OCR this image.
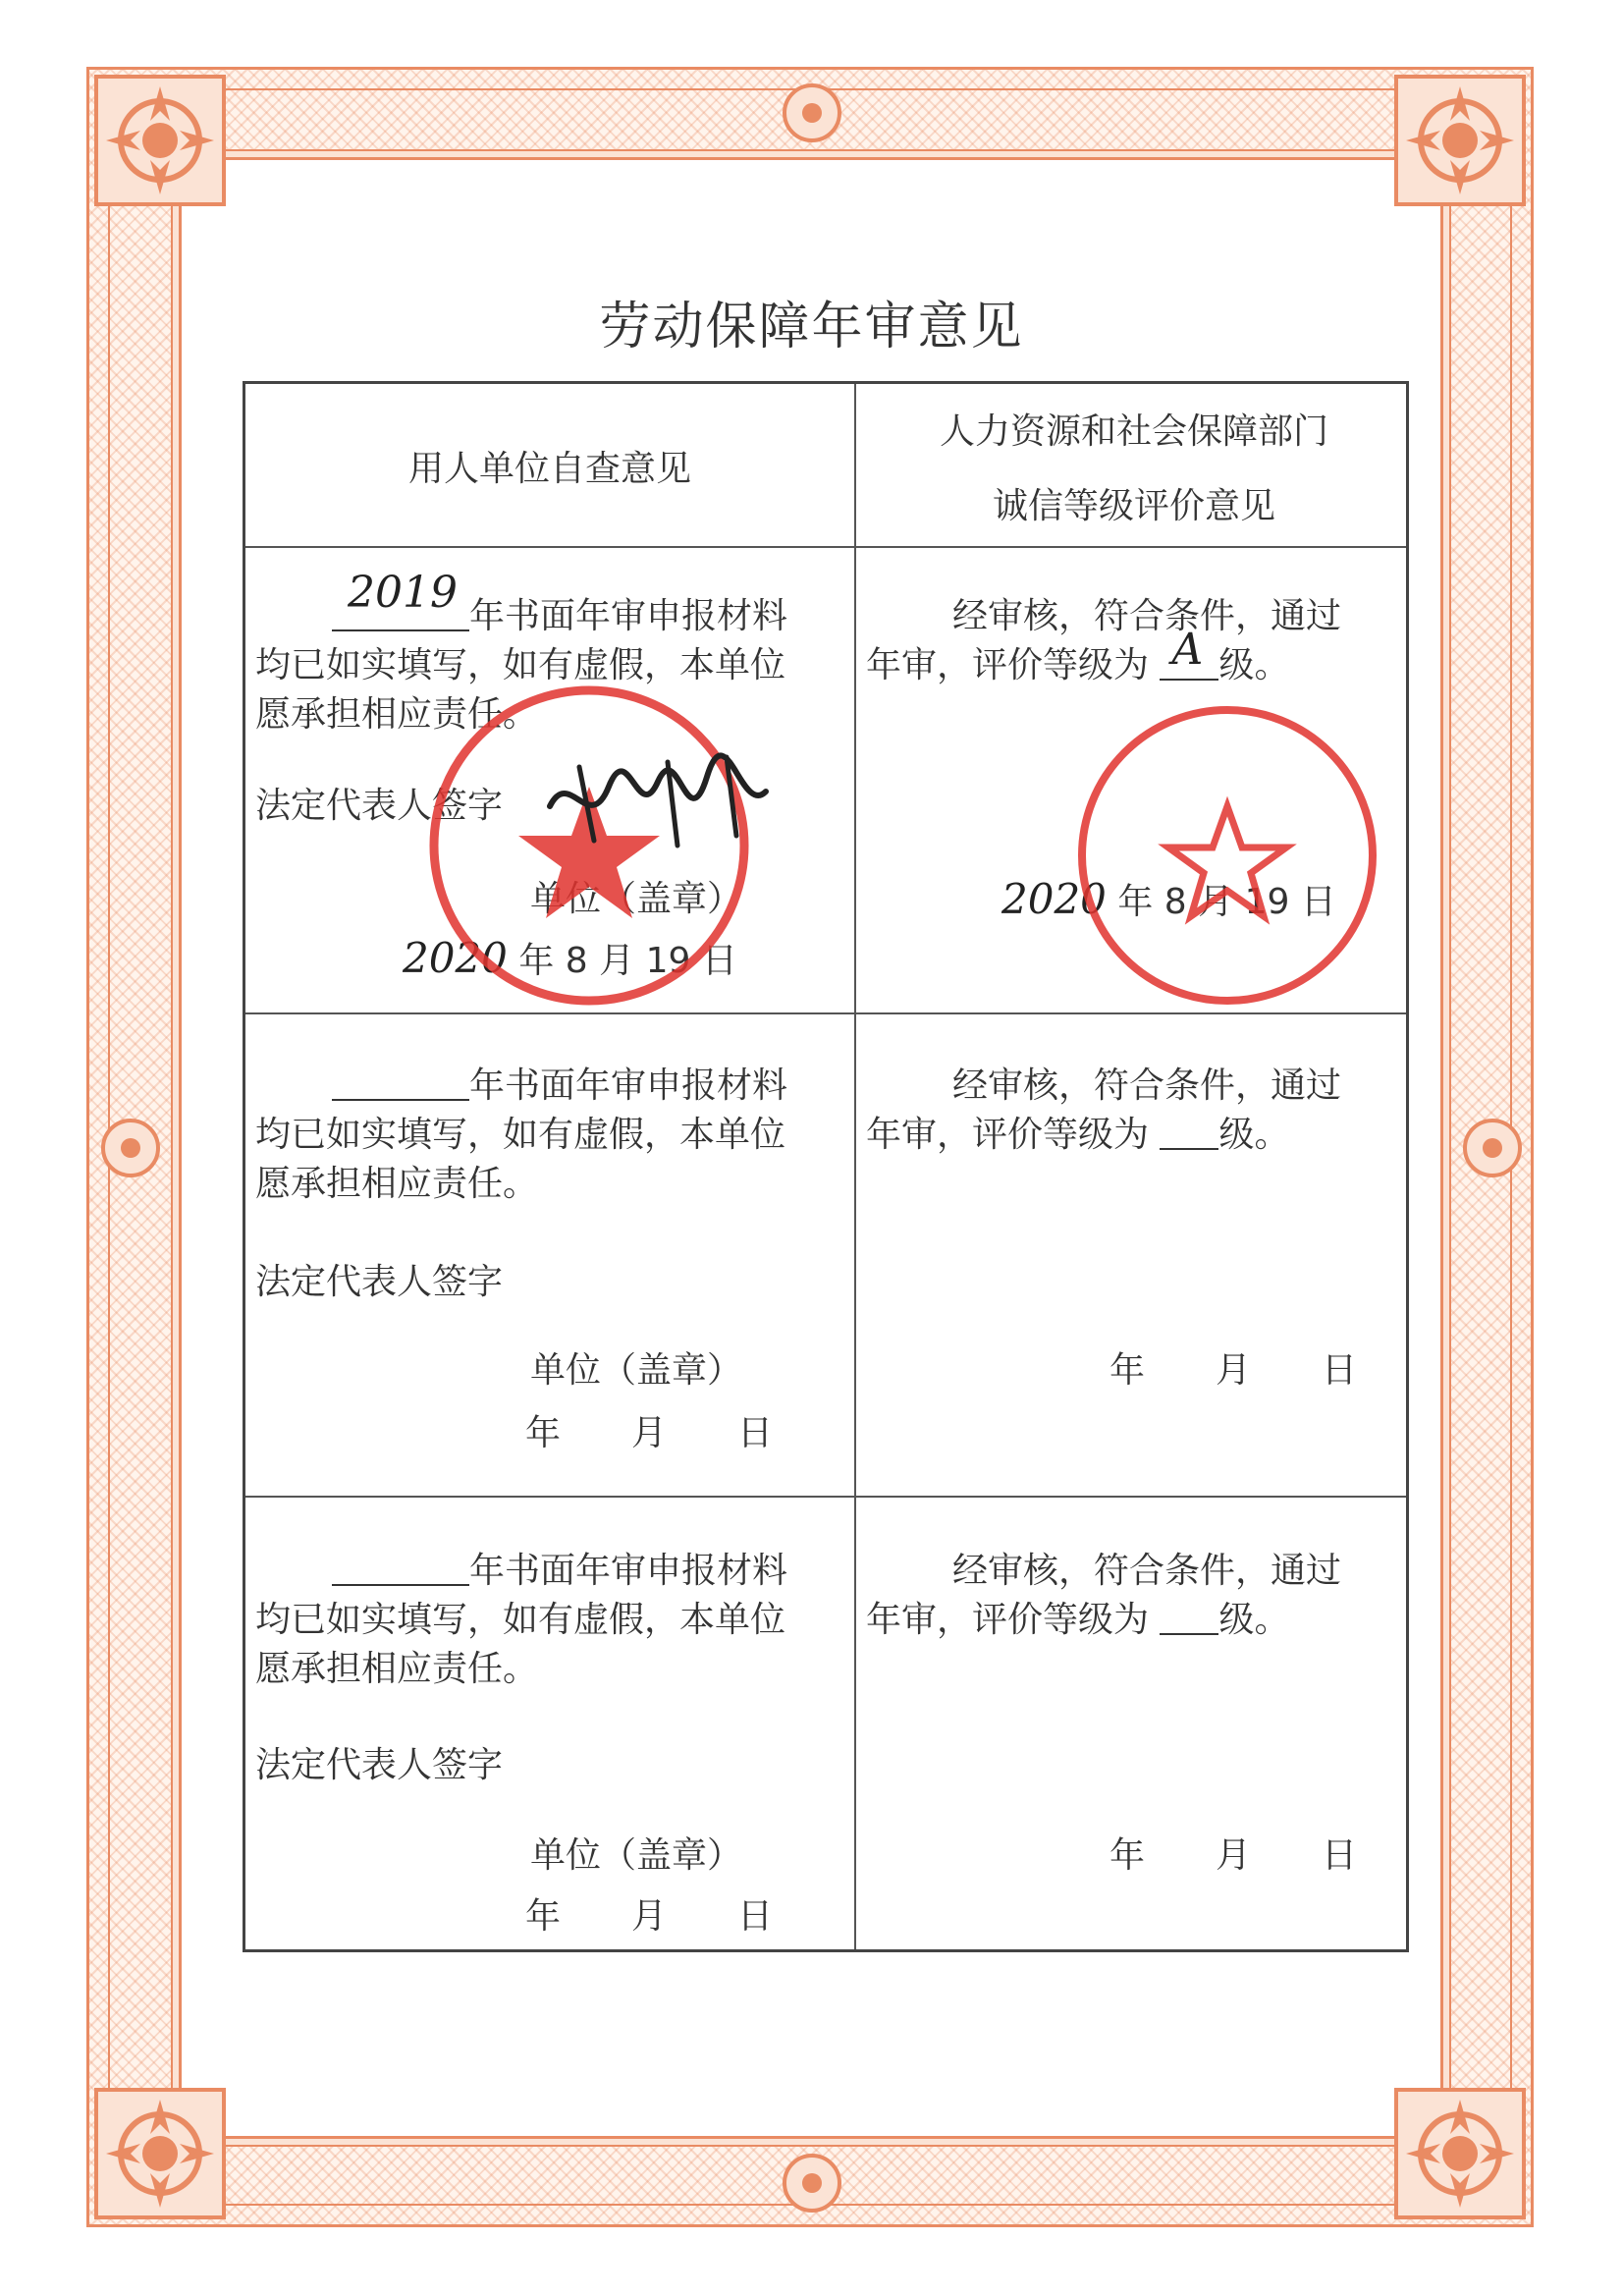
劳动保障年审意见
用人单位自查意见
人力资源和社会保障部门
诚信等级评价意见
2019 年书面年审申报材料
均已如实填写，如有虚假，本单位
愿承担相应责任。
法定代表人签字
单位（盖章）
2020 年 8 月 19 日
经审核，符合条件，通过
年审，评价等级为 A 级。
2020 年 8 月 19 日
年书面年审申报材料
均已如实填写，如有虚假，本单位
愿承担相应责任。
法定代表人签字
单位（盖章）
年　　月　　日
经审核，符合条件，通过
年审，评价等级为 级。
年　　月　　日
年书面年审申报材料
均已如实填写，如有虚假，本单位
愿承担相应责任。
法定代表人签字
单位（盖章）
年　　月　　日
经审核，符合条件，通过
年审，评价等级为 级。
年　　月　　日
